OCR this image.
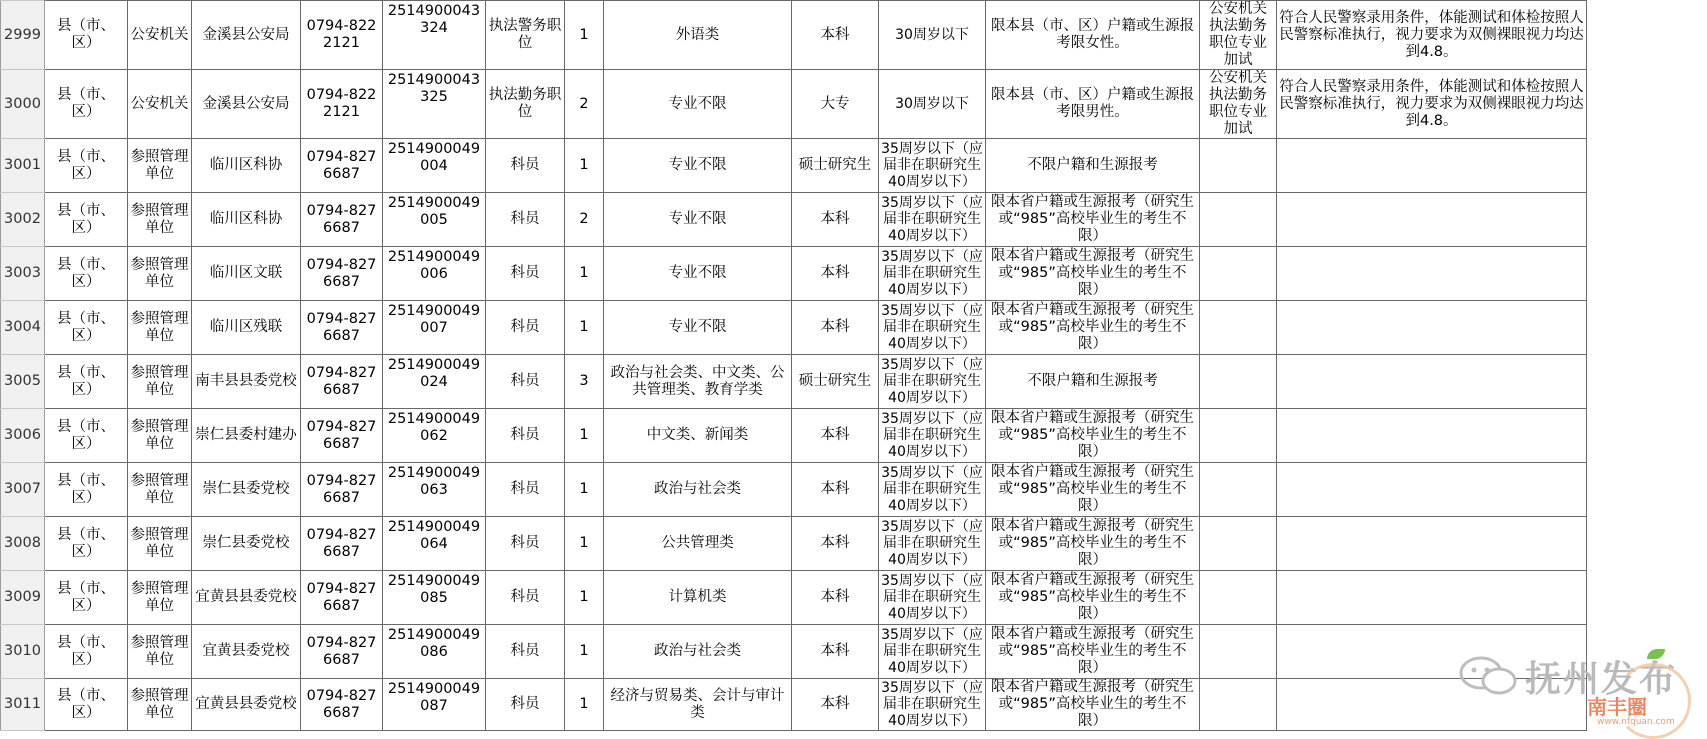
2999	县（市、区）	公安机关	金溪县公安局	0794-8222121	2514900043324	执法警务职位	1	外语类	本科	30周岁以下	限本县（市、区）户籍或生源报考限女性。	公安机关执法勤务职位专业加试	符合人民警察录用条件，体能测试和体检按照人民警察标准执行，视力要求为双侧裸眼视力均达到4.8。
3000	县（市、区）	公安机关	金溪县公安局	0794-8222121	2514900043325	执法勤务职位	2	专业不限	大专	30周岁以下	限本县（市、区）户籍或生源报考限男性。	公安机关执法勤务职位专业加试	符合人民警察录用条件，体能测试和体检按照人民警察标准执行，视力要求为双侧裸眼视力均达到4.8。
3001	县（市、区）	参照管理单位	临川区科协	0794-8276687	2514900049004	科员	1	专业不限	硕士研究生	35周岁以下（应届非在职研究生40周岁以下）	不限户籍和生源报考		
3002	县（市、区）	参照管理单位	临川区科协	0794-8276687	2514900049005	科员	2	专业不限	本科	35周岁以下（应届非在职研究生40周岁以下）	限本省户籍或生源报考（研究生或“985”高校毕业生的考生不限）		
3003	县（市、区）	参照管理单位	临川区文联	0794-8276687	2514900049006	科员	1	专业不限	本科	35周岁以下（应届非在职研究生40周岁以下）	限本省户籍或生源报考（研究生或“985”高校毕业生的考生不限）		
3004	县（市、区）	参照管理单位	临川区残联	0794-8276687	2514900049007	科员	1	专业不限	本科	35周岁以下（应届非在职研究生40周岁以下）	限本省户籍或生源报考（研究生或“985”高校毕业生的考生不限）		
3005	县（市、区）	参照管理单位	南丰县县委党校	0794-8276687	2514900049024	科员	3	政治与社会类、中文类、公共管理类、教育学类	硕士研究生	35周岁以下（应届非在职研究生40周岁以下）	不限户籍和生源报考		
3006	县（市、区）	参照管理单位	崇仁县委村建办	0794-8276687	2514900049062	科员	1	中文类、新闻类	本科	35周岁以下（应届非在职研究生40周岁以下）	限本省户籍或生源报考（研究生或“985”高校毕业生的考生不限）		
3007	县（市、区）	参照管理单位	崇仁县委党校	0794-8276687	2514900049063	科员	1	政治与社会类	本科	35周岁以下（应届非在职研究生40周岁以下）	限本省户籍或生源报考（研究生或“985”高校毕业生的考生不限）		
3008	县（市、区）	参照管理单位	崇仁县委党校	0794-8276687	2514900049064	科员	1	公共管理类	本科	35周岁以下（应届非在职研究生40周岁以下）	限本省户籍或生源报考（研究生或“985”高校毕业生的考生不限）		
3009	县（市、区）	参照管理单位	宜黄县县委党校	0794-8276687	2514900049085	科员	1	计算机类	本科	35周岁以下（应届非在职研究生40周岁以下）	限本省户籍或生源报考（研究生或“985”高校毕业生的考生不限）		
3010	县（市、区）	参照管理单位	宜黄县委党校	0794-8276687	2514900049086	科员	1	政治与社会类	本科	35周岁以下（应届非在职研究生40周岁以下）	限本省户籍或生源报考（研究生或“985”高校毕业生的考生不限）		
3011	县（市、区）	参照管理单位	宜黄县县委党校	0794-8276687	2514900049087	科员	1	经济与贸易类、会计与审计类	本科	35周岁以下（应届非在职研究生40周岁以下）	限本省户籍或生源报考（研究生或“985”高校毕业生的考生不限）		
抚州发布
南丰圈
www.nfquan.com
